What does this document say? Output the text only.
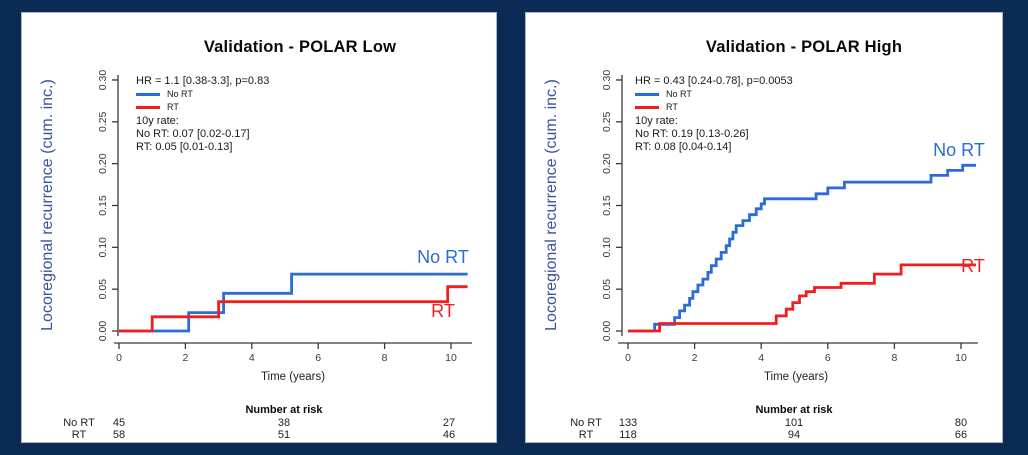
0.00
0.05
0.10
0.15
0.20
0.25
0.30
0	2	4	6	8	10
Validation - POLAR Low
Locoregional recurrence (cum. inc.)	HR = 1.1 [0.38-3.3], p=0.83
No RT
RT
10y rate:
No RT: 0.07 [0.02-0.17]
RT: 0.05 [0.01-0.13]
No RT
RT
Time (years)
Number at risk
No RT 45	38	27
RT 58	51	46
0.00
0.05
0.10
0.15
0.20
0.25
0.30
0	2	4	6	8	10
Validation - POLAR High
Locoregional recurrence (cum. inc.)	HR = 0.43 [0.24-0.78], p=0.0053
No RT
RT
10y rate:
No RT: 0.19 [0.13-0.26]
RT: 0.08 [0.04-0.14]	No RT
RT
Time (years)
Number at risk
No RT 133	101	80
RT 118	94	66
